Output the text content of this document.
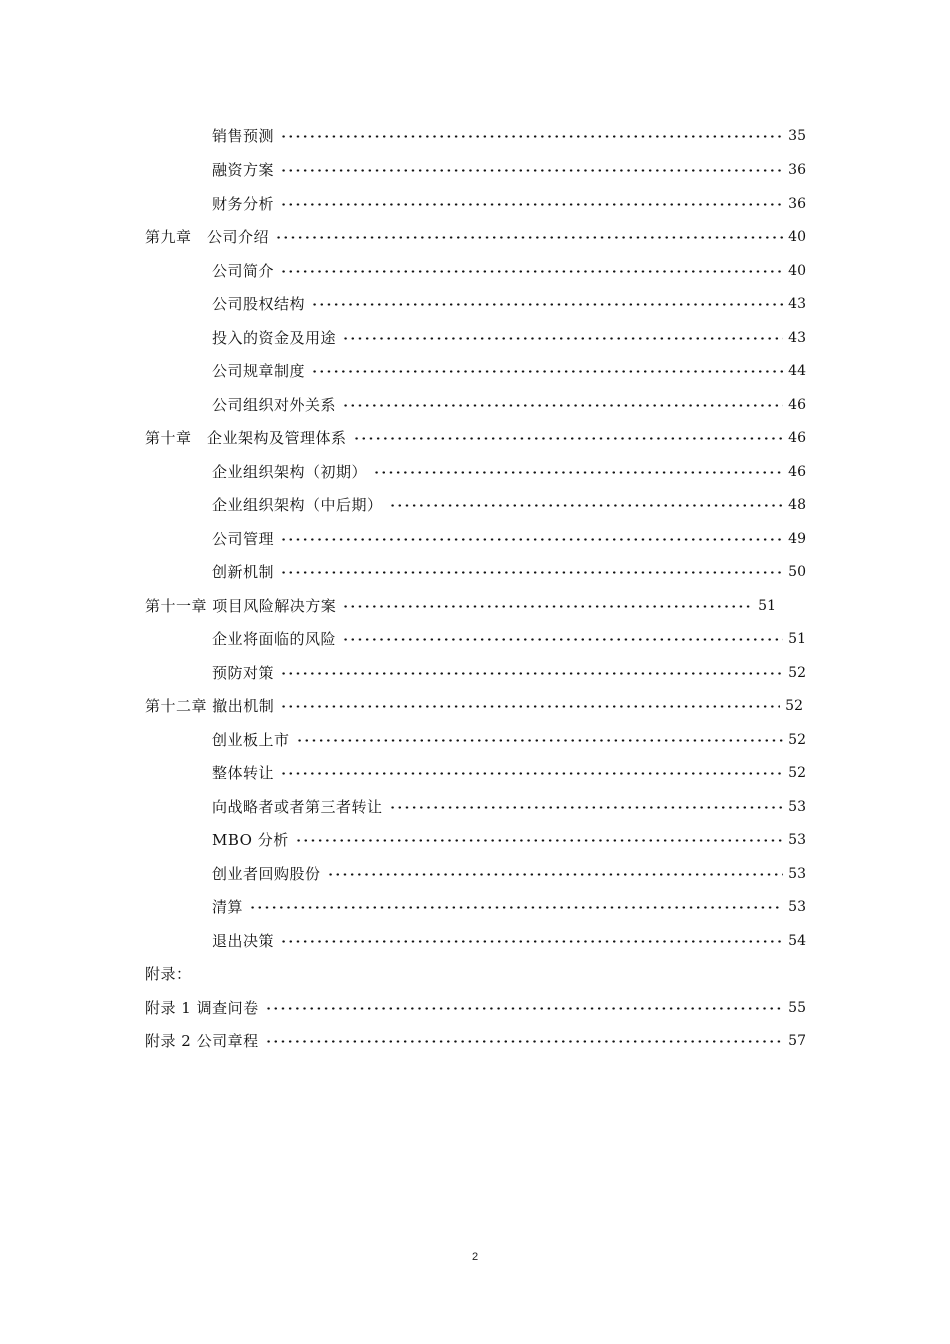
销售预测	35
融资方案	36
财务分析	36
第九章　公司介绍	40
公司简介	40
公司股权结构	43
投入的资金及用途	43
公司规章制度	44
公司组织对外关系	46
第十章　企业架构及管理体系	46
企业组织架构（初期）	46
企业组织架构（中后期）	48
公司管理	49
创新机制	50
第十一章 项目风险解决方案	51
企业将面临的风险	51
预防对策	52
第十二章 撤出机制	52
创业板上市	52
整体转让	52
向战略者或者第三者转让	53
MBO 分析	53
创业者回购股份	53
清算	53
退出决策	54
附录：
附录 1 调查问卷	55
附录 2 公司章程	57
2
